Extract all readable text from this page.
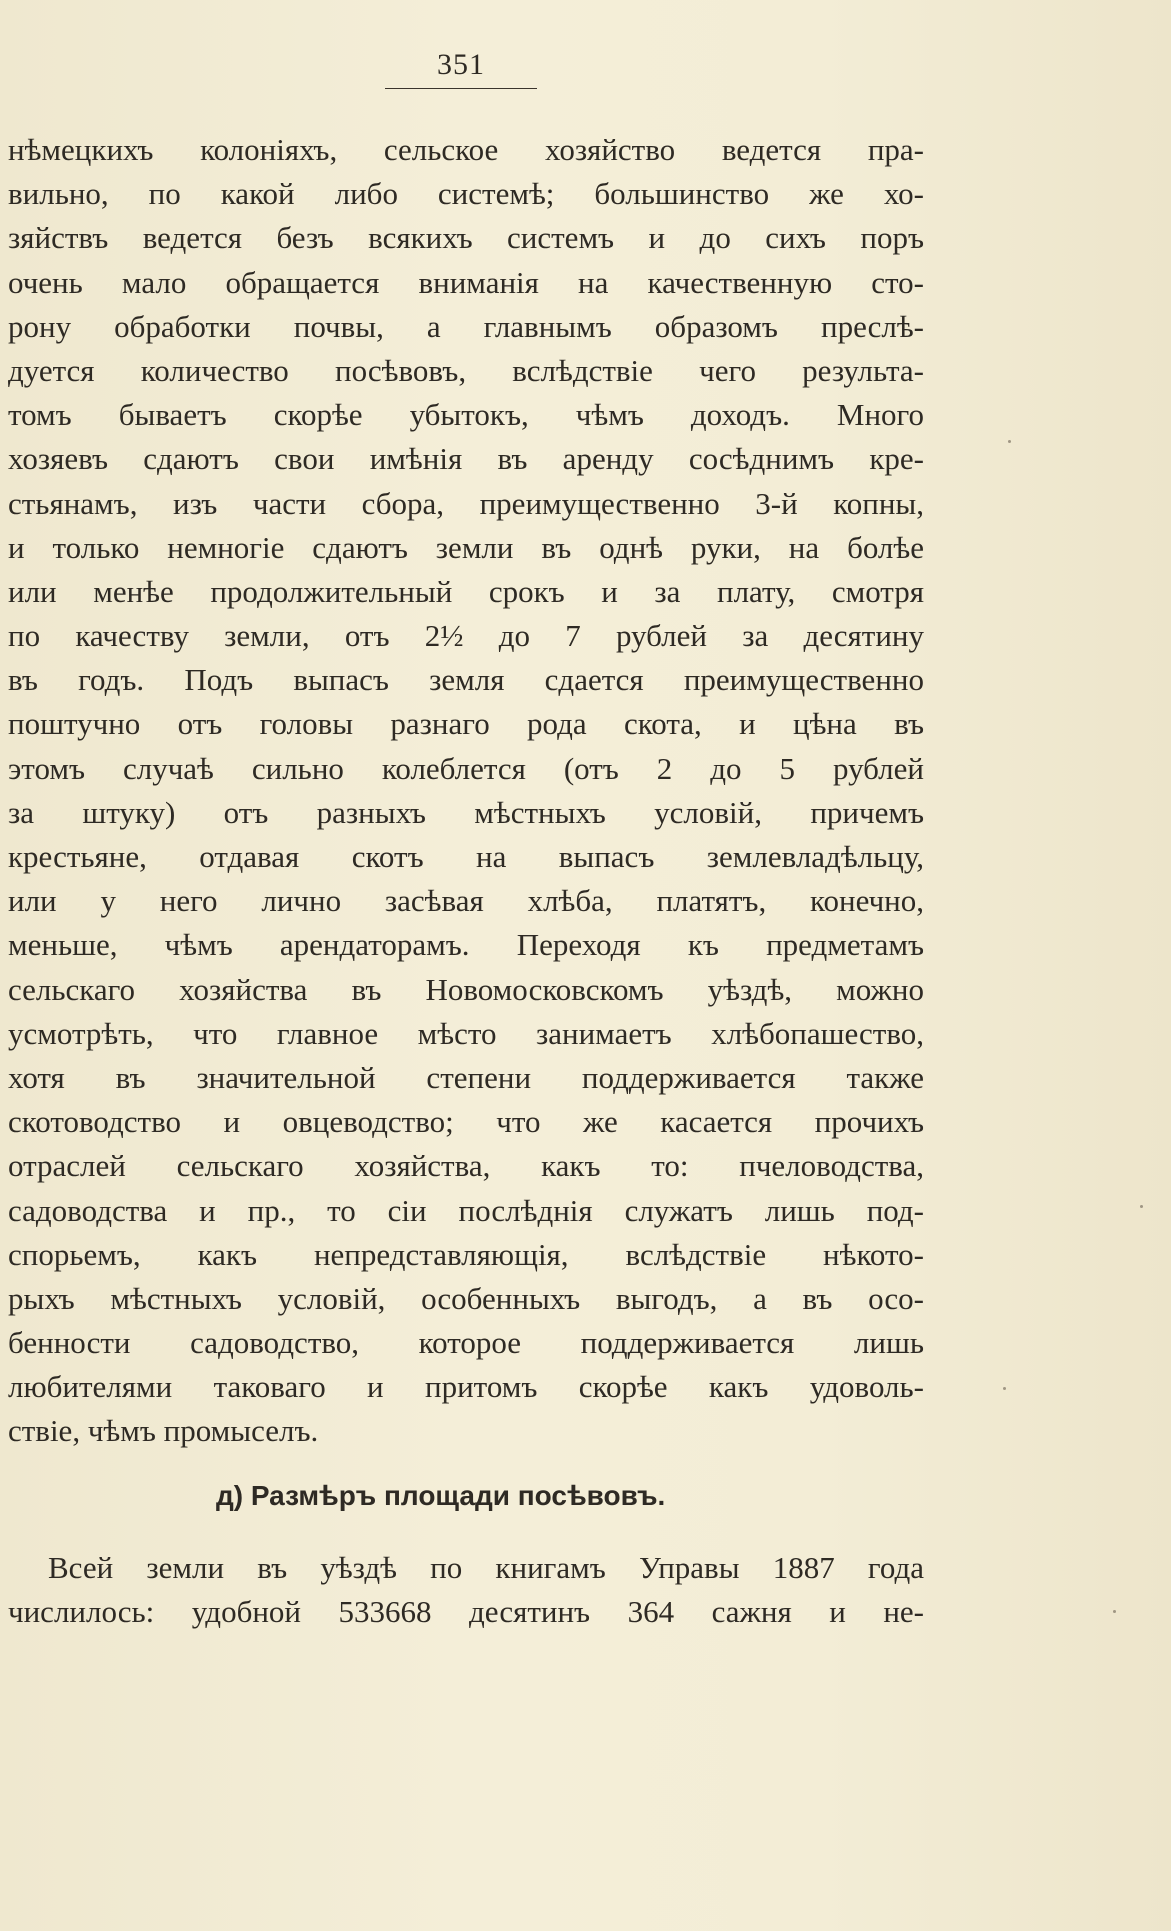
351
нѣмецкихъ колоніяхъ, сельское хозяйство ведется пра-
вильно, по какой либо системѣ; большинство же хо-
зяйствъ ведется безъ всякихъ системъ и до сихъ поръ
очень мало обращается вниманія на качественную сто-
рону обработки почвы, а главнымъ образомъ преслѣ-
дуется количество посѣвовъ, вслѣдствіе чего результа-
томъ бываетъ скорѣе убытокъ, чѣмъ доходъ. Много
хозяевъ сдаютъ свои имѣнія въ аренду сосѣднимъ кре-
стьянамъ, изъ части сбора, преимущественно 3-й копны,
и только немногіе сдаютъ земли въ однѣ руки, на болѣе
или менѣе продолжительный срокъ и за плату, смотря
по качеству земли, отъ 2½ до 7 рублей за десятину
въ годъ. Подъ выпасъ земля сдается преимущественно
поштучно отъ головы разнаго рода скота, и цѣна въ
этомъ случаѣ сильно колеблется (отъ 2 до 5 рублей
за штуку) отъ разныхъ мѣстныхъ условій, причемъ
крестьяне, отдавая скотъ на выпасъ землевладѣльцу,
или у него лично засѣвая хлѣба, платятъ, конечно,
меньше, чѣмъ арендаторамъ. Переходя къ предметамъ
сельскаго хозяйства въ Новомосковскомъ уѣздѣ, можно
усмотрѣть, что главное мѣсто занимаетъ хлѣбопашество,
хотя въ значительной степени поддерживается также
скотоводство и овцеводство; что же касается прочихъ
отраслей сельскаго хозяйства, какъ то: пчеловодства,
садоводства и пр., то сіи послѣднія служатъ лишь под-
спорьемъ, какъ непредставляющія, вслѣдствіе нѣкото-
рыхъ мѣстныхъ условій, особенныхъ выгодъ, а въ осо-
бенности садоводство, которое поддерживается лишь
любителями таковаго и притомъ скорѣе какъ удоволь-
ствіе, чѣмъ промыселъ.
д) Размѣръ площади посѣвовъ.
Всей земли въ уѣздѣ по книгамъ Управы 1887 года
числилось: удобной 533668 десятинъ 364 сажня и не-
